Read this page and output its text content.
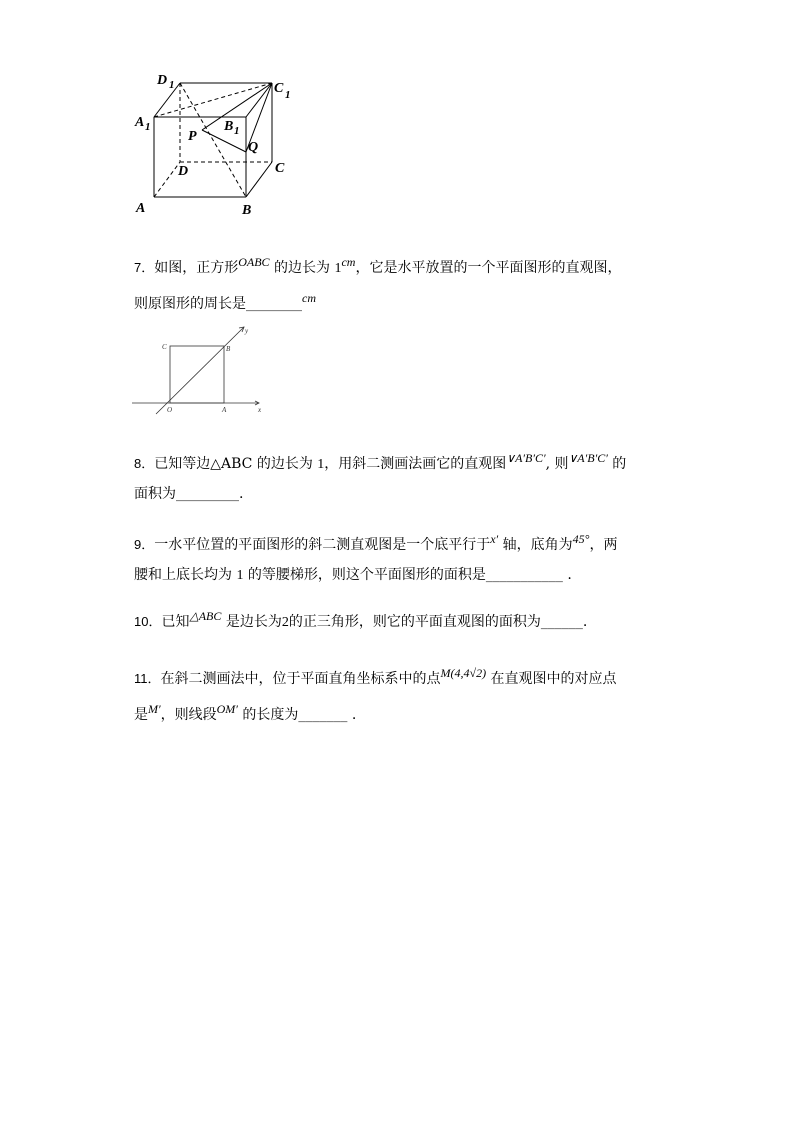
D 1	C 1
A 1	B 1
P
Q
D	C
A	B
7．如图，正方形OABC 的边长为 1cm，它是水平放置的一个平面图形的直观图，
则原图形的周长是________cm
C	B
O	A	x
y
8．已知等边△ABC 的边长为 1，用斜二测画法画它的直观图∨A′B′C′, 则∨A′B′C′ 的
面积为_________.
9．一水平位置的平面图形的斜二测直观图是一个底平行于x′ 轴，底角为45°，两
腰和上底长均为 1 的等腰梯形，则这个平面图形的面积是___________ .
10．已知△ABC 是边长为2的正三角形，则它的平面直观图的面积为______.
11．在斜二测画法中，位于平面直角坐标系中的点M(4,4√2) 在直观图中的对应点
是M′，则线段OM′ 的长度为_______ .
